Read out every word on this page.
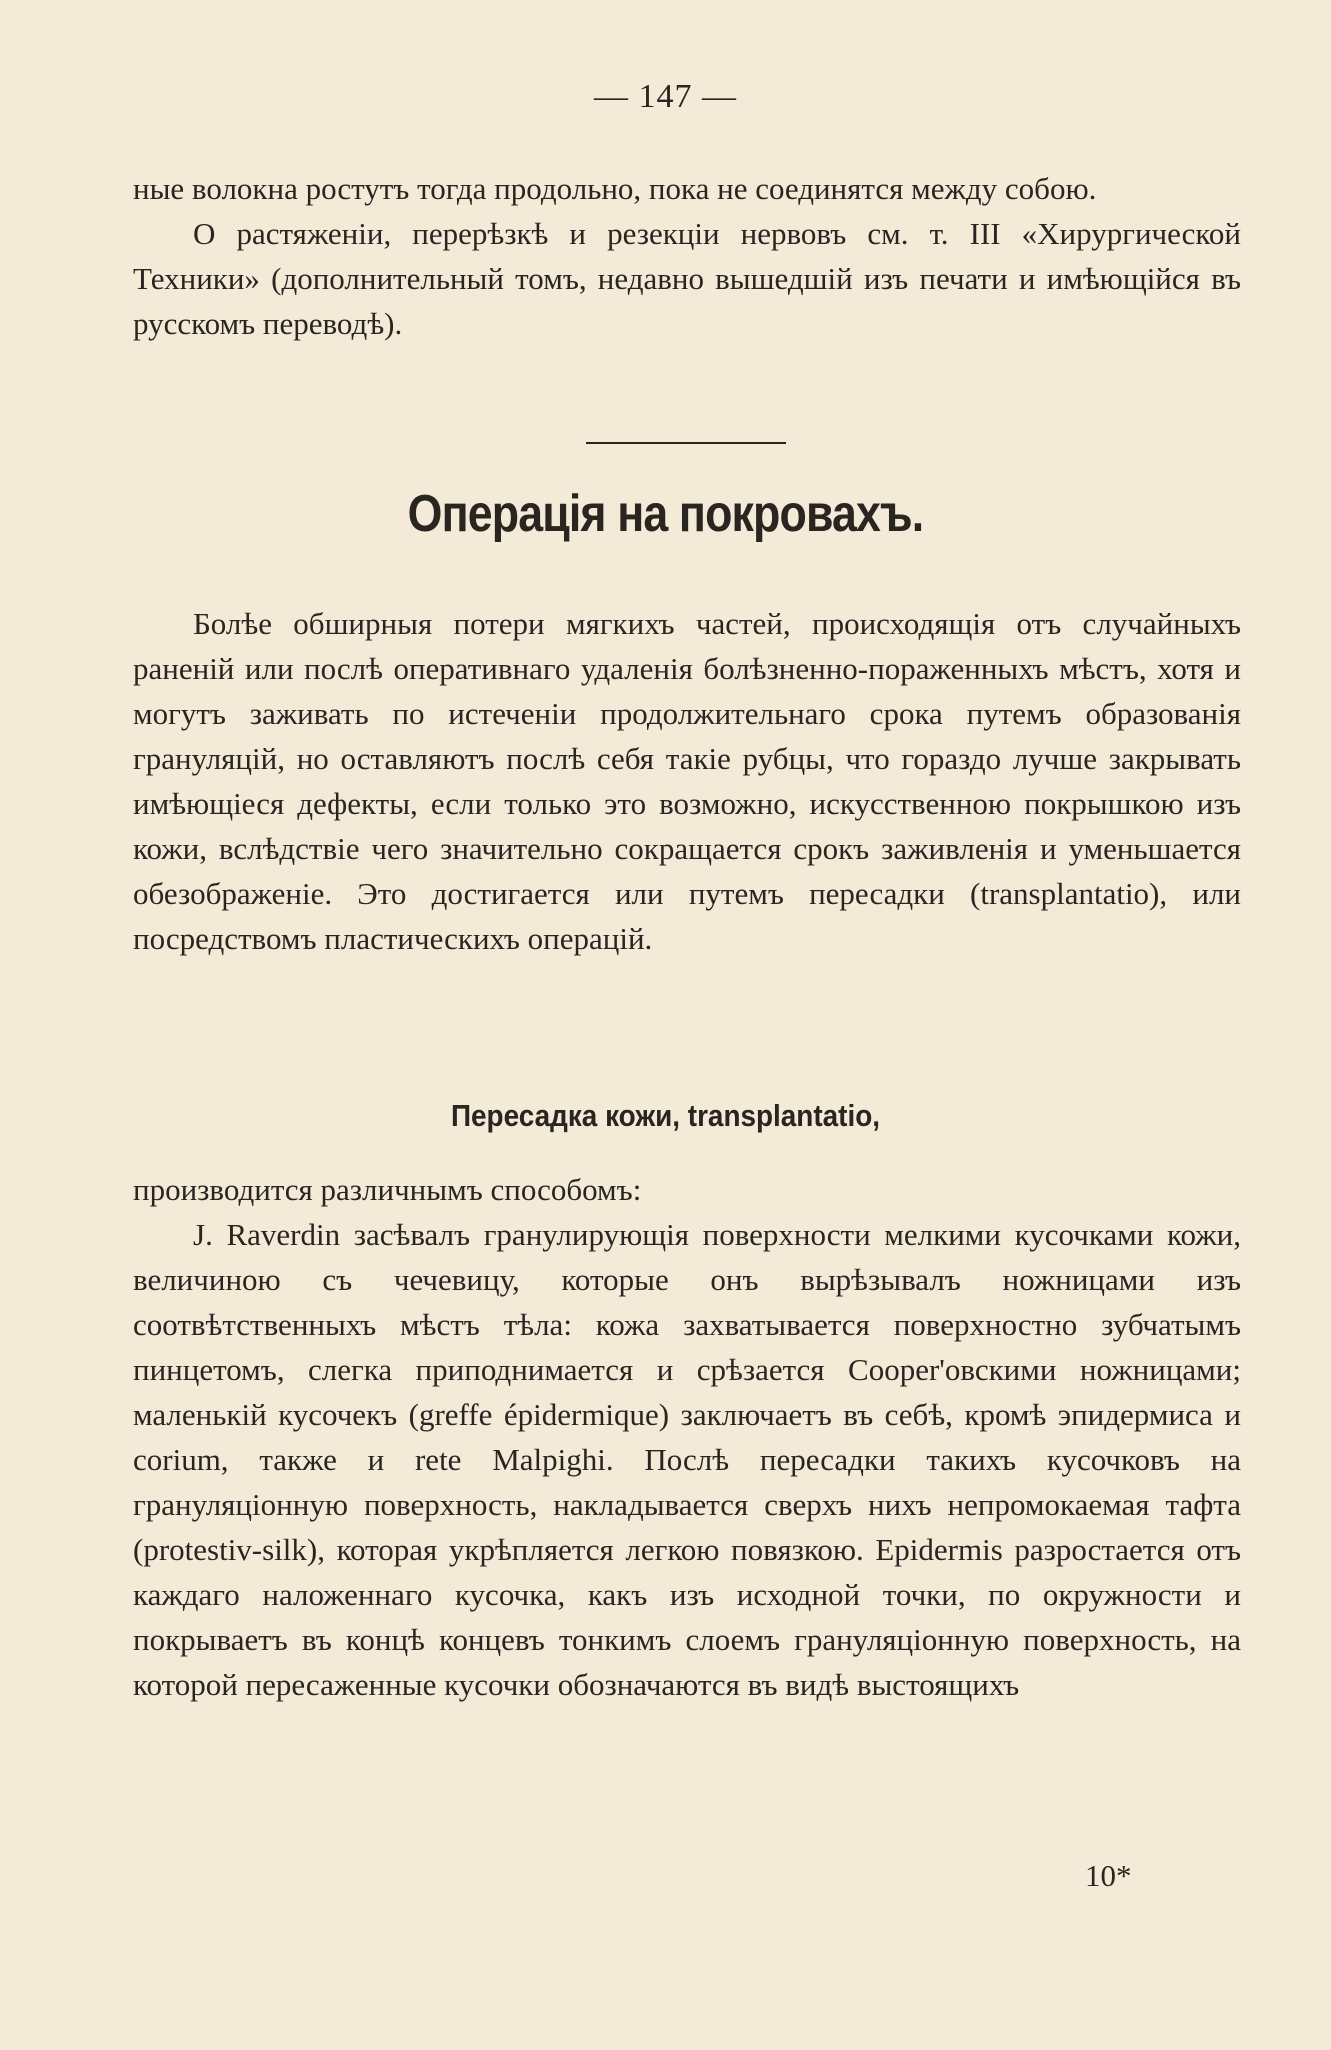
— 147 —

ные волокна ростутъ тогда продольно, пока не соединятся между собою.

О растяженіи, перерѣзкѣ и резекціи нервовъ см. т. III «Хирургической Техники» (дополнительный томъ, недавно вышедшій изъ печати и имѣющійся въ русскомъ переводѣ).

Операція на покровахъ.

Болѣе обширныя потери мягкихъ частей, происходящія отъ случайныхъ раненій или послѣ оперативнаго удаленія болѣзненно-пораженныхъ мѣстъ, хотя и могутъ заживать по истеченіи продолжительнаго срока путемъ образованія грануляцій, но оставляютъ послѣ себя такіе рубцы, что гораздо лучше закрывать имѣющіеся дефекты, если только это возможно, искусственною покрышкою изъ кожи, вслѣдствіе чего значительно сокращается срокъ заживленія и уменьшается обезображеніе. Это достигается или путемъ пересадки (transplantatio), или посредствомъ пластическихъ операцій.

Пересадка кожи, transplantatio,

производится различнымъ способомъ:

J. Raverdin засѣвалъ гранулирующія поверхности мелкими кусочками кожи, величиною съ чечевицу, которые онъ вырѣзывалъ ножницами изъ соотвѣтственныхъ мѣстъ тѣла: кожа захватывается поверхностно зубчатымъ пинцетомъ, слегка приподнимается и срѣзается Cooper'овскими ножницами; маленькій кусочекъ (greffe épidermique) заключаетъ въ себѣ, кромѣ эпидермиса и corium, также и rete Malpighi. Послѣ пересадки такихъ кусочковъ на грануляціонную поверхность, накладывается сверхъ нихъ непромокаемая тафта (protestiv-silk), которая укрѣпляется легкою повязкою. Epidermis разростается отъ каждаго наложеннаго кусочка, какъ изъ исходной точки, по окружности и покрываетъ въ концѣ концевъ тонкимъ слоемъ грануляціонную поверхность, на которой пересаженные кусочки обозначаются въ видѣ выстоящихъ

10*
